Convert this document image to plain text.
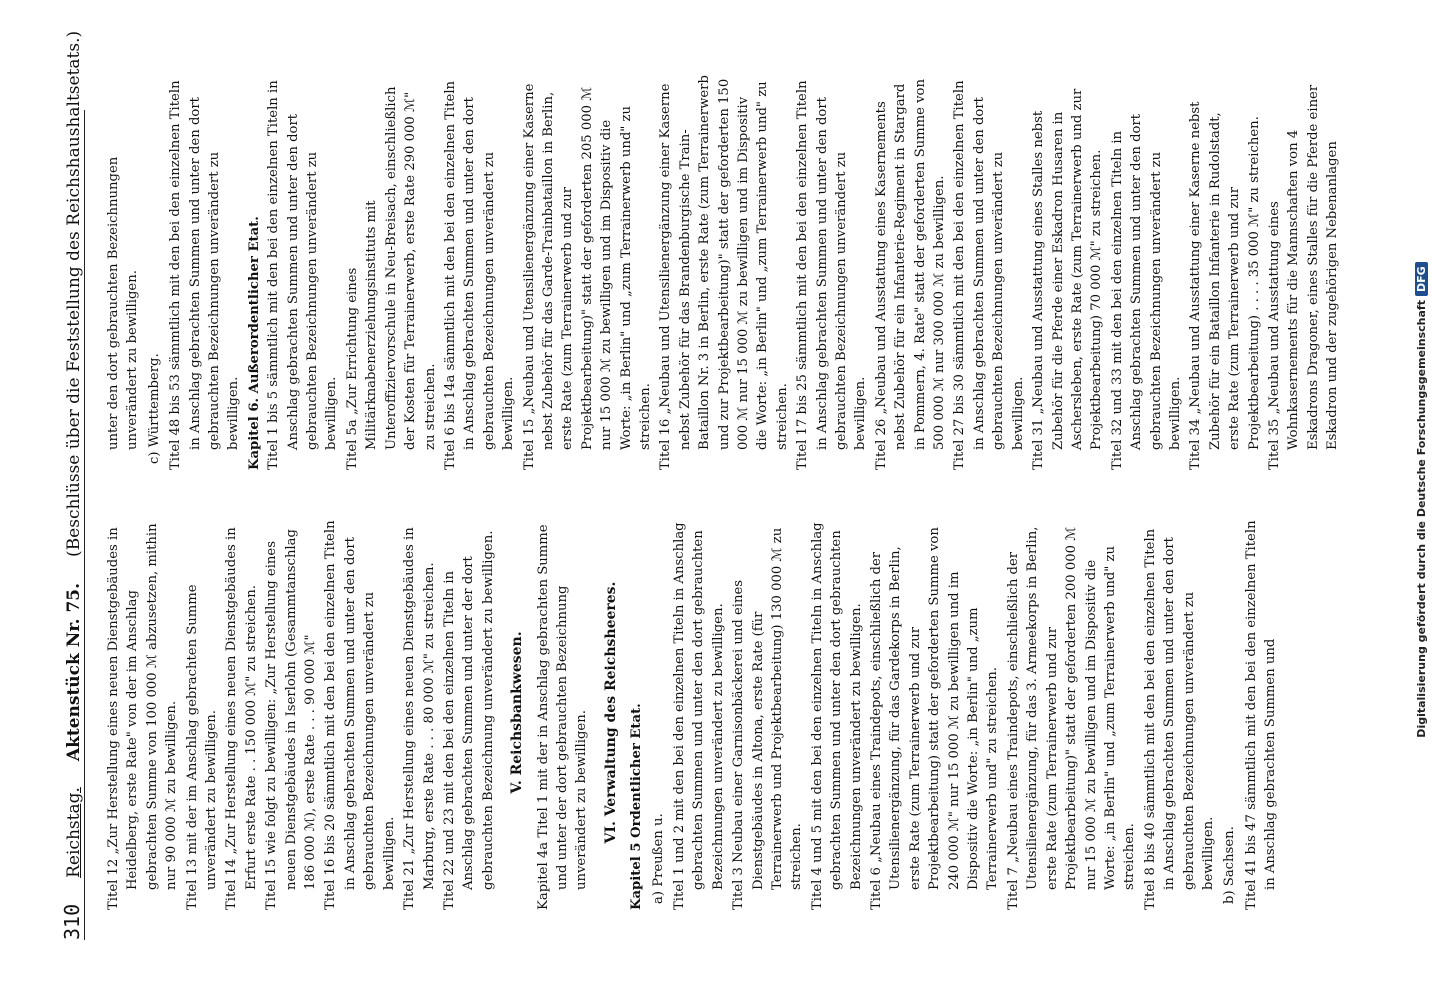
310
Reichstag.
Aktenstück Nr. 75.
(Beschlüsse über die Feststellung des Reichshaushaltsetats.)

Titel 12 „Zur Herstellung eines neuen Dienstgebäudes in Heidelberg, erste Rate" von der im Anschlag gebrachten Summe von 100 000 ℳ abzusetzen, mithin nur 90 000 ℳ zu bewilligen. Titel 13 mit der im Anschlag gebrachten Summe unverändert zu bewilligen. Titel 14 „Zur Herstellung eines neuen Dienstgebäudes in Erfurt erste Rate . . 150 000 ℳ" zu streichen. Titel 15 wie folgt zu bewilligen: „Zur Herstellung eines neuen Dienstgebäudes in Iserlohn (Gesammtanschlag 186 000 ℳ), erste Rate . . . 90 000 ℳ" Titel 16 bis 20 sämmtlich mit den bei den einzelnen Titeln in Anschlag gebrachten Summen und unter den dort gebrauchten Bezeichnungen unverändert zu bewilligen. Titel 21 „Zur Herstellung eines neuen Dienstgebäudes in Marburg, erste Rate . . . 80 000 ℳ" zu streichen. Titel 22 und 23 mit den bei den einzelnen Titeln in Anschlag gebrachten Summen und unter der dort gebrauchten Bezeichnung unverändert zu bewilligen. V. Reichsbankwesen. Kapitel 4a Titel 1 mit der in Anschlag gebrachten Summe und unter der dort gebrauchten Bezeichnung unverändert zu bewilligen. VI. Verwaltung des Reichsheeres. Kapitel 5 Ordentlicher Etat. a) Preußen u. Titel 1 und 2 mit den bei den einzelnen Titeln in Anschlag gebrachten Summen und unter den dort gebrauchten Bezeichnungen unverändert zu bewilligen. Titel 3 Neubau einer Garnisonbäckerei und eines Dienstgebäudes in Altona, erste Rate (für Terrainerwerb und Projektbearbeitung) 130 000 ℳ zu streichen. Titel 4 und 5 mit den bei den einzelnen Titeln in Anschlag gebrachten Summen und unter den dort gebrauchten Bezeichnungen unverändert zu bewilligen. Titel 6 „Neubau eines Traindepots, einschließlich der Utensilienergänzung, für das Gardekorps in Berlin, erste Rate (zum Terrainerwerb und zur Projektbearbeitung) statt der geforderten Summe von 240 000 ℳ" nur 15 000 ℳ zu bewilligen und im Dispositiv die Worte: „in Berlin" und „zum Terrainerwerb und" zu streichen. Titel 7 „Neubau eines Traindepots, einschließlich der Utensilienergänzung, für das 3. Armeekorps in Berlin, erste Rate (zum Terrainerwerb und zur Projektbearbeitung)" statt der geforderten 200 000 ℳ nur 15 000 ℳ zu bewilligen und im Dispositiv die Worte: „in Berlin" und „zum Terrainerwerb und" zu streichen. Titel 8 bis 40 sämmtlich mit den bei den einzelnen Titeln in Anschlag gebrachten Summen und unter den dort gebrauchten Bezeichnungen unverändert zu bewilligen. b) Sachsen. Titel 41 bis 47 sämmtlich mit den bei den einzelnen Titeln in Anschlag gebrachten Summen und

unter den dort gebrauchten Bezeichnungen unverändert zu bewilligen. c) Württemberg. Titel 48 bis 53 sämmtlich mit den bei den einzelnen Titeln in Anschlag gebrachten Summen und unter den dort gebrauchten Bezeichnungen unverändert zu bewilligen. Kapitel 6. Außerordentlicher Etat. Titel 1 bis 5 sämmtlich mit den bei den einzelnen Titeln in Anschlag gebrachten Summen und unter den dort gebrauchten Bezeichnungen unverändert zu bewilligen. Titel 5a „Zur Errichtung eines Militärknabenerziehungsinstituts mit Unteroffiziervorschule in Neu-Breisach, einschließlich der Kosten für Terrainerwerb, erste Rate 290 000 ℳ" zu streichen. Titel 6 bis 14a sämmtlich mit den bei den einzelnen Titeln in Anschlag gebrachten Summen und unter den dort gebrauchten Bezeichnungen unverändert zu bewilligen. Titel 15 „Neubau und Utensilienergänzung einer Kaserne nebst Zubehör für das Garde-Trainbataillon in Berlin, erste Rate (zum Terrainerwerb und zur Projektbearbeitung)" statt der geforderten 205 000 ℳ nur 15 000 ℳ zu bewilligen und im Dispositiv die Worte: „in Berlin" und „zum Terrainerwerb und" zu streichen. Titel 16 „Neubau und Utensilienergänzung einer Kaserne nebst Zubehör für das Brandenburgische Train-Bataillon Nr. 3 in Berlin, erste Rate (zum Terrainerwerb und zur Projektbearbeitung)" statt der geforderten 150 000 ℳ nur 15 000 ℳ zu bewilligen und im Dispositiv die Worte: „in Berlin" und „zum Terrainerwerb und" zu streichen. Titel 17 bis 25 sämmtlich mit den bei den einzelnen Titeln in Anschlag gebrachten Summen und unter den dort gebrauchten Bezeichnungen unverändert zu bewilligen. Titel 26 „Neubau und Ausstattung eines Kasernements nebst Zubehör für ein Infanterie-Regiment in Stargard in Pommern, 4. Rate" statt der geforderten Summe von 500 000 ℳ nur 300 000 ℳ zu bewilligen. Titel 27 bis 30 sämmtlich mit den bei den einzelnen Titeln in Anschlag gebrachten Summen und unter den dort gebrauchten Bezeichnungen unverändert zu bewilligen. Titel 31 „Neubau und Ausstattung eines Stalles nebst Zubehör für die Pferde einer Eskadron Husaren in Aschersleben, erste Rate (zum Terrainerwerb und zur Projektbearbeitung) 70 000 ℳ" zu streichen. Titel 32 und 33 mit den bei den einzelnen Titeln in Anschlag gebrachten Summen und unter den dort gebrauchten Bezeichnungen unverändert zu bewilligen. Titel 34 „Neubau und Ausstattung einer Kaserne nebst Zubehör für ein Bataillon Infanterie in Rudolstadt, erste Rate (zum Terrainerwerb und zur Projektbearbeitung) . . . . 35 000 ℳ" zu streichen. Titel 35 „Neubau und Ausstattung eines Wohnkasernements für die Mannschaften von 4 Eskadrons Dragoner, eines Stalles für die Pferde einer Eskadron und der zugehörigen Nebenanlagen

Digitalisierung gefördert durch die Deutsche ForschungsgemeinschaftDFG
